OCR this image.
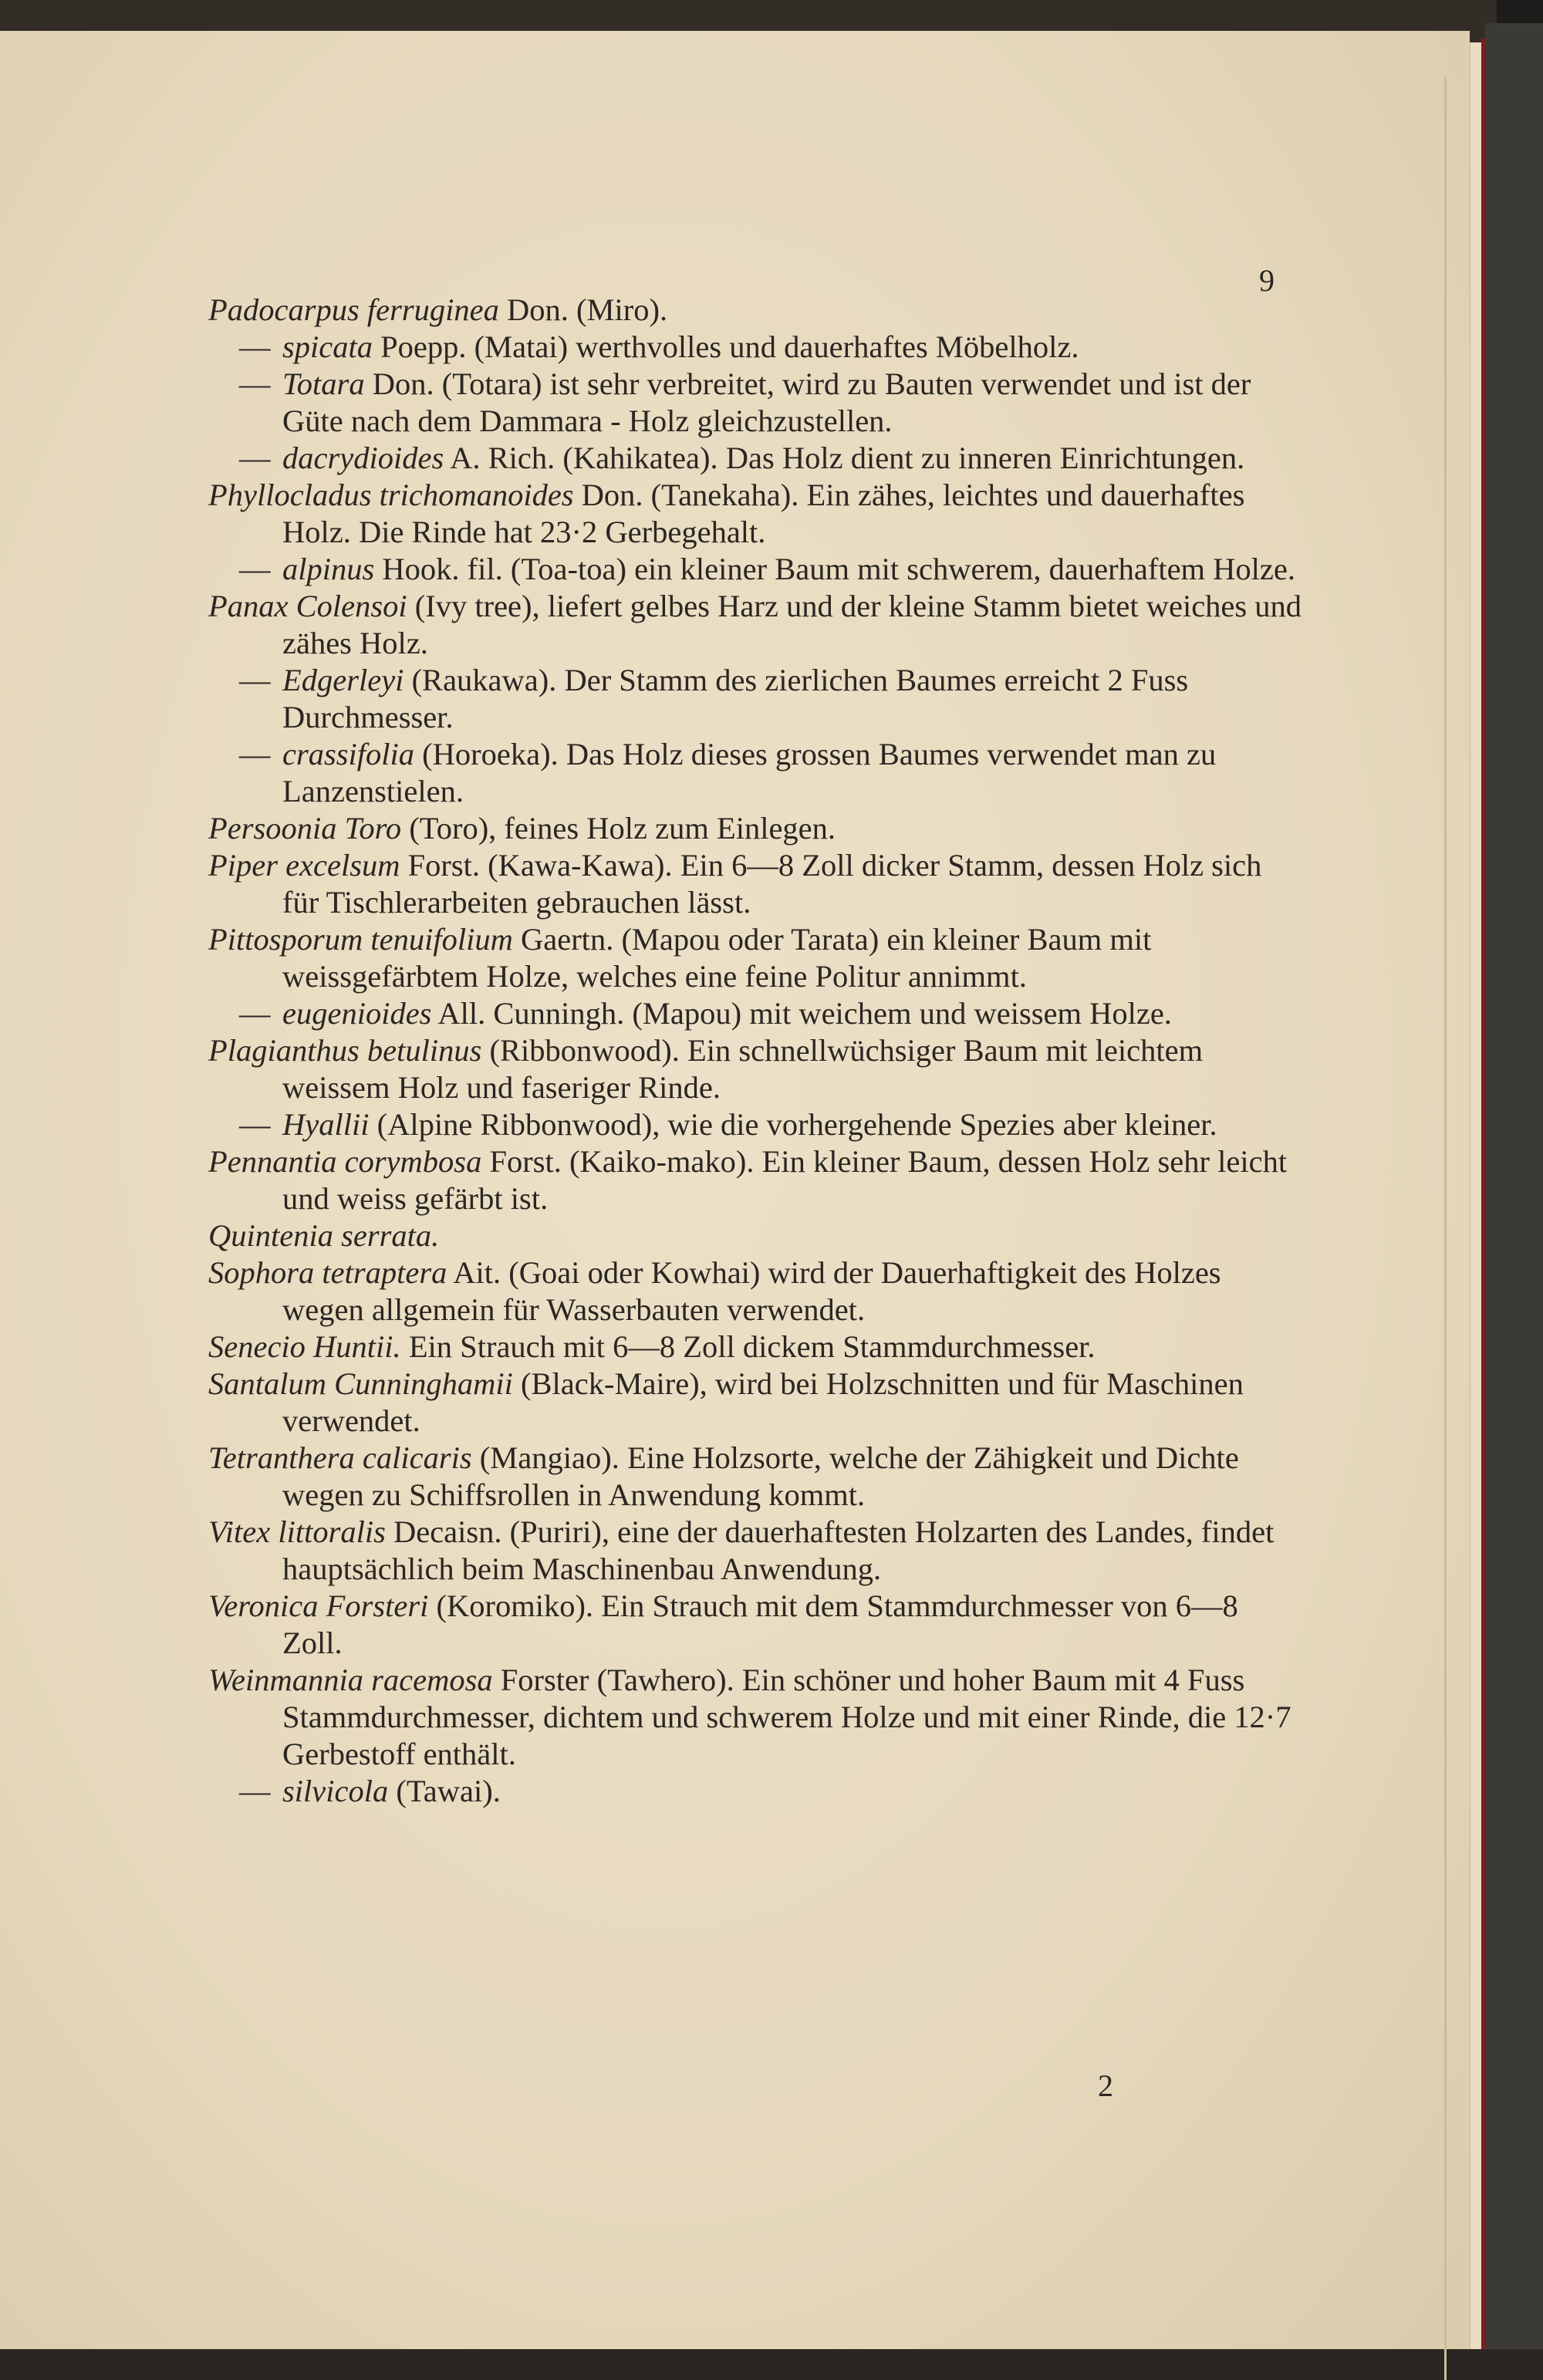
9

Padocarpus ferruginea Don. (Miro).

— spicata Poepp. (Matai) werthvolles und dauerhaftes Möbelholz.

— Totara Don. (Totara) ist sehr verbreitet, wird zu Bauten verwendet und ist der Güte nach dem Dammara - Holz gleichzustellen.

— dacrydioides A. Rich. (Kahikatea). Das Holz dient zu inneren Einrichtungen.

Phyllocladus trichomanoides Don. (Tanekaha). Ein zähes, leichtes und dauerhaftes Holz. Die Rinde hat 23·2 Gerbegehalt.

— alpinus Hook. fil. (Toa-toa) ein kleiner Baum mit schwerem, dauerhaftem Holze.

Panax Colensoi (Ivy tree), liefert gelbes Harz und der kleine Stamm bietet weiches und zähes Holz.

— Edgerleyi (Raukawa). Der Stamm des zierlichen Baumes erreicht 2 Fuss Durchmesser.

— crassifolia (Horoeka). Das Holz dieses grossen Baumes verwendet man zu Lanzenstielen.

Persoonia Toro (Toro), feines Holz zum Einlegen.

Piper excelsum Forst. (Kawa-Kawa). Ein 6—8 Zoll dicker Stamm, dessen Holz sich für Tischlerarbeiten gebrauchen lässt.

Pittosporum tenuifolium Gaertn. (Mapou oder Tarata) ein kleiner Baum mit weissgefärbtem Holze, welches eine feine Politur annimmt.

— eugenioides All. Cunningh. (Mapou) mit weichem und weissem Holze.

Plagianthus betulinus (Ribbonwood). Ein schnellwüchsiger Baum mit leichtem weissem Holz und faseriger Rinde.

— Hyallii (Alpine Ribbonwood), wie die vorhergehende Spezies aber kleiner.

Pennantia corymbosa Forst. (Kaiko-mako). Ein kleiner Baum, dessen Holz sehr leicht und weiss gefärbt ist.

Quintenia serrata.

Sophora tetraptera Ait. (Goai oder Kowhai) wird der Dauerhaftigkeit des Holzes wegen allgemein für Wasserbauten verwendet.

Senecio Huntii. Ein Strauch mit 6—8 Zoll dickem Stammdurchmesser.

Santalum Cunninghamii (Black-Maire), wird bei Holzschnitten und für Maschinen verwendet.

Tetranthera calicaris (Mangiao). Eine Holzsorte, welche der Zähigkeit und Dichte wegen zu Schiffsrollen in Anwendung kommt.

Vitex littoralis Decaisn. (Puriri), eine der dauerhaftesten Holzarten des Landes, findet hauptsächlich beim Maschinenbau Anwendung.

Veronica Forsteri (Koromiko). Ein Strauch mit dem Stammdurchmesser von 6—8 Zoll.

Weinmannia racemosa Forster (Tawhero). Ein schöner und hoher Baum mit 4 Fuss Stammdurchmesser, dichtem und schwerem Holze und mit einer Rinde, die 12·7 Gerbestoff enthält.

— silvicola (Tawai).

2
